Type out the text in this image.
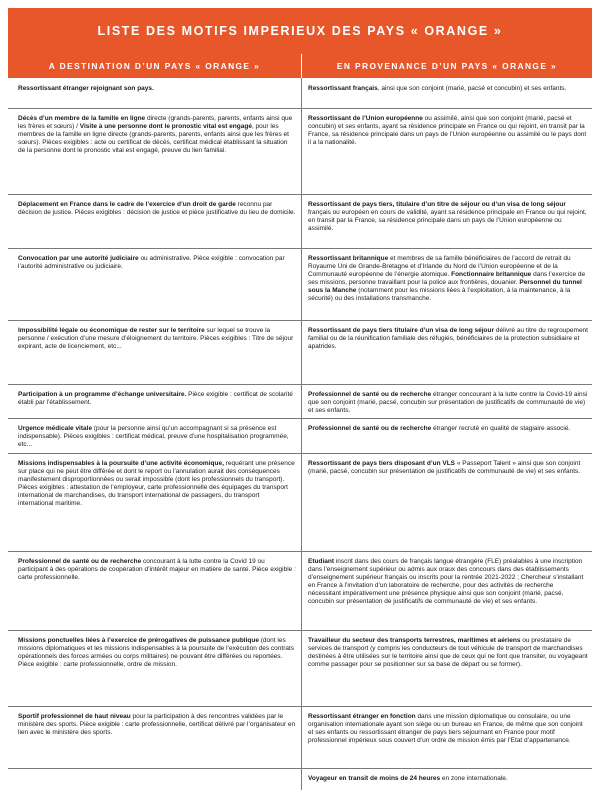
LISTE DES MOTIFS IMPERIEUX DES PAYS « ORANGE »
A DESTINATION D’UN PAYS « ORANGE »	EN PROVENANCE D’UN PAYS « ORANGE »
Ressortissant étranger rejoignant son pays.	Ressortissant français, ainsi que son conjoint (marié, pacsé et concubin) et ses enfants.
Décès d’un membre de la famille en ligne directe (grands-parents, parents, enfants ainsi que les frères et sœurs) / Visite à une personne dont le pronostic vital est engagé, pour les membres de la famille en ligne directe (grands-parents, parents, enfants ainsi que les frères et sœurs). Pièces exigibles : acte ou certificat de décès, certificat médical établissant la situation de la personne dont le pronostic vital est engagé, preuve du lien familial.
Ressortissant de l’Union européenne ou assimilé, ainsi que son conjoint (marié, pacsé et concubin) et ses enfants, ayant sa résidence principale en France ou qui rejoint, en transit par la France, sa résidence principale dans un pays de l’Union européenne ou assimilé ou le pays dont il a la nationalité.
Déplacement en France dans le cadre de l’exercice d’un droit de garde reconnu par décision de justice. Pièces exigibles : décision de justice et pièce justificative du lieu de domicile.
Ressortissant de pays tiers, titulaire d’un titre de séjour ou d’un visa de long séjour français ou européen en cours de validité, ayant sa résidence principale en France ou qui rejoint, en transit par la France, sa résidence principale dans un pays de l’Union européenne ou assimilé.
Convocation par une autorité judiciaire ou administrative. Pièce exigible : convocation par l’autorité administrative ou judiciaire.
Ressortissant britannique et membres de sa famille bénéficiaires de l’accord de retrait du Royaume Uni de Grande-Bretagne et d’Irlande du Nord de l’Union européenne et de la Communauté européenne de l’énergie atomique. Fonctionnaire britannique dans l’exercice de ses missions, personne travaillant pour la police aux frontières, douanier. Personnel du tunnel sous la Manche (notamment pour les missions liées à l’exploitation, à la maintenance, à la sécurité) ou des installations transmanche.
Impossibilité légale ou économique de rester sur le territoire sur lequel se trouve la personne / exécution d’une mesure d’éloignement du territoire. Pièces exigibles : Titre de séjour expirant, acte de licenciement, etc...
Ressortissant de pays tiers titulaire d’un visa de long séjour délivré au titre du regroupement familial ou de la réunification familiale des réfugiés, bénéficiaires de la protection subsidiaire et apatrides.
Participation à un programme d’échange universitaire. Pièce exigible : certificat de scolarité établi par l’établissement.
Professionnel de santé ou de recherche étranger concourant à la lutte contre la Covid-19 ainsi que son conjoint (marié, pacsé, concubin sur présentation de justificatifs de communauté de vie) et ses enfants.
Urgence médicale vitale (pour la personne ainsi qu’un accompagnant si sa présence est indispensable). Pièces exigibles : certificat médical, preuve d’une hospitalisation programmée, etc...
Professionnel de santé ou de recherche étranger recruté en qualité de stagiaire associé.
Missions indispensables à la poursuite d’une activité économique, requérant une présence sur place qui ne peut être différée et dont le report ou l’annulation aurait des conséquences manifestement disproportionnées ou serait impossible (dont les professionnels du transport). Pièces exigibles : attestation de l’employeur, carte professionnelle des équipages du transport international de marchandises, du transport international de passagers, du transport international maritime.
Ressortissant de pays tiers disposant d’un VLS « Passeport Talent » ainsi que son conjoint (marié, pacsé, concubin sur présentation de justificatifs de communauté de vie) et ses enfants.
Professionnel de santé ou de recherche concourant à la lutte contre la Covid 19 ou participant à des opérations de coopération d’intérêt majeur en matière de santé. Pièce exigible : carte professionnelle.
Étudiant inscrit dans des cours de français langue étrangère (FLE) préalables à une inscription dans l’enseignement supérieur ou admis aux oraux des concours dans des établissements d’enseignement supérieur français ou inscrits pour la rentrée 2021-2022 ; Chercheur s’installant en France à l’invitation d’un laboratoire de recherche, pour des activités de recherche nécessitant impérativement une présence physique ainsi que son conjoint (marié, pacsé, concubin sur présentation de justificatifs de communauté de vie) et ses enfants.
Missions ponctuelles liées à l’exercice de prérogatives de puissance publique (dont les missions diplomatiques et les missions indispensables à la poursuite de l’exécution des contrats opérationnels des forces armées ou corps militaires) ne pouvant être différées ou reportées. Pièce exigible : carte professionnelle, ordre de mission.
Travailleur du secteur des transports terrestres, maritimes et aériens ou prestataire de services de transport (y compris les conducteurs de tout véhicule de transport de marchandises destinées à être utilisées sur le territoire ainsi que de ceux qui ne font que transiter, ou voyageant comme passager pour se positionner sur sa base de départ ou se former).
Sportif professionnel de haut niveau pour la participation à des rencontres validées par le ministère des sports. Pièce exigible : carte professionnelle, certificat délivré par l’organisateur en lien avec le ministère des sports.
Ressortissant étranger en fonction dans une mission diplomatique ou consulaire, ou une organisation internationale ayant son siège ou un bureau en France, de même que son conjoint et ses enfants ou ressortissant étranger de pays tiers séjournant en France pour motif professionnel impérieux sous couvert d’un ordre de mission émis par l’Etat d’appartenance.
Voyageur en transit de moins de 24 heures en zone internationale.
